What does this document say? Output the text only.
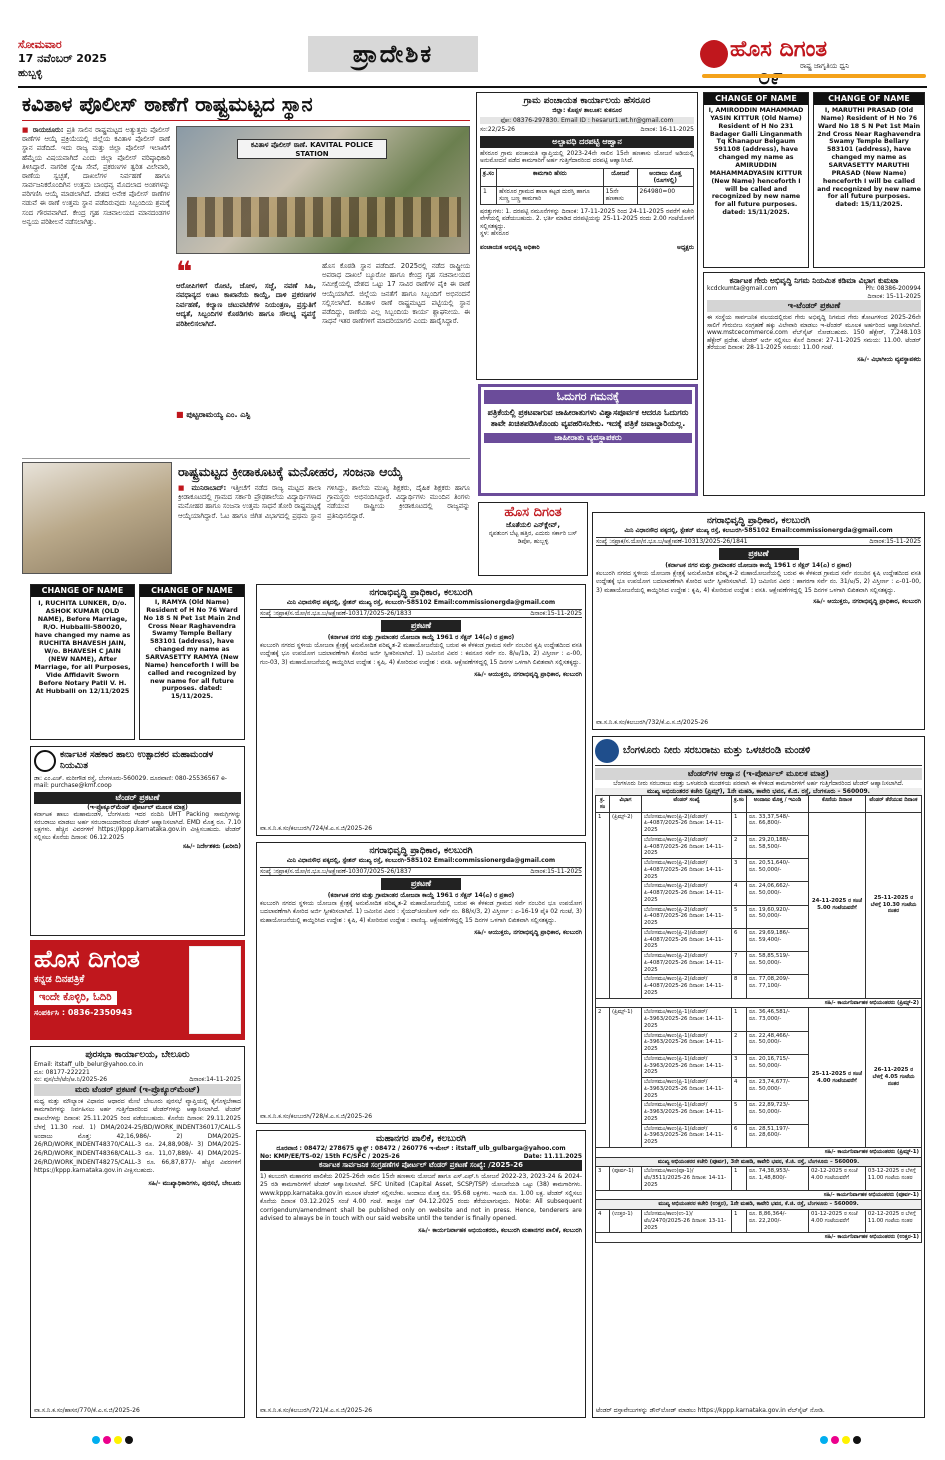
ಸೋಮವಾರ
17 ನವೆಂಬರ್ 2025
ಹುಬ್ಬಳ್ಳಿ
ಪ್ರಾದೇಶಿಕ	ಹೊಸ ದಿಗಂತ
ರಾಷ್ಟ್ರ ಜಾಗೃತಿಯ ಧ್ವನಿ
ಕವಿತಾಳ ಪೊಲೀಸ್ ಠಾಣೆಗೆ ರಾಷ್ಟ್ರಮಟ್ಟದ ಸ್ಥಾನ
■ ರಾಯಚೂರು: ಪ್ರತಿ ಸಾಲಿನ ರಾಷ್ಟ್ರಮಟ್ಟದ ಅತ್ಯುತ್ತಮ ಪೊಲೀಸ್ ಠಾಣೆಗಳ ಆಯ್ಕೆ ಪ್ರಕ್ರಿಯೆಯಲ್ಲಿ ಜಿಲ್ಲೆಯ ಕವಿತಾಳ ಪೊಲೀಸ್ ಠಾಣೆ ಸ್ಥಾನ ಪಡೆದಿದೆ. ಇದು ರಾಜ್ಯ ಮತ್ತು ಜಿಲ್ಲಾ ಪೊಲೀಸ್ ಇಲಾಖೆಗೆ ಹೆಮ್ಮೆಯ ವಿಷಯವಾಗಿದೆ ಎಂದು ಜಿಲ್ಲಾ ಪೊಲೀಸ್ ವರಿಷ್ಠಾಧಿಕಾರಿ ತಿಳಿಸಿದ್ದಾರೆ. ನಾಗರಿಕ ಸ್ನೇಹಿ ಸೇವೆ, ಪ್ರಕರಣಗಳ ತ್ವರಿತ ವಿಲೇವಾರಿ, ಠಾಣೆಯ ಸ್ವಚ್ಛತೆ, ದಾಖಲೆಗಳ ನಿರ್ವಹಣೆ ಹಾಗೂ ಸಾರ್ವಜನಿಕರೊಂದಿಗಿನ ಉತ್ತಮ ಬಾಂಧವ್ಯ ಮೊದಲಾದ ಅಂಶಗಳನ್ನು ಪರಿಗಣಿಸಿ ಆಯ್ಕೆ ಮಾಡಲಾಗಿದೆ. ದೇಶದ ಅನೇಕ ಪೊಲೀಸ್ ಠಾಣೆಗಳ ನಡುವೆ ಈ ಠಾಣೆ ಉತ್ತಮ ಸ್ಥಾನ ಪಡೆದಿರುವುದು ಸಿಬ್ಬಂದಿಯ ಶ್ರಮಕ್ಕೆ ಸಂದ ಗೌರವವಾಗಿದೆ. ಕೇಂದ್ರ ಗೃಹ ಸಚಿವಾಲಯದ ಮಾನದಂಡಗಳ ಅನ್ವಯ ಪರಿಶೀಲನೆ ನಡೆಸಲಾಗಿತ್ತು.
ಕವಿತಾಳ ಪೊಲೀಸ್ ಠಾಣೆ. KAVITAL POLICE STATION
❝
ಆರೋಪಿಗಳಿಗೆ ರೋಟಿ, ಜೋಳ, ಸಜ್ಜೆ, ನವಣೆ ಸಿಹಿ, ನವಧಾನ್ಯದ ಊಟ ಕಾಖಾನೆಯ ಕಾಯ್ದೆ, ದಾಳಿ ಪ್ರಕರಣಗಳ ನಿರ್ವಹಣೆ, ಕಲ್ಯಾಣ ಚಟುವಟಿಕೆಗಳ ನಿಯಂತ್ರಣ, ಪ್ರಸ್ತುತಿಗೆ ಆದ್ಯತೆ, ಸಿಬ್ಬಂದಿಗಳ ಕೊಠಡಿಗಳು ಹಾಗೂ ಸೌಲಭ್ಯ ವ್ಯವಸ್ಥೆ ಪರಿಶೀಲಿಸಲಾಗಿದೆ.
■ ಪುಟ್ಟರಾಮಯ್ಯ ಎಂ. ಎಸ್ಪಿ
ಹೊಸ ಕೊಠಡಿ ಸ್ಥಾನ ಪಡೆದಿದೆ. 2025ರಲ್ಲಿ ನಡೆದ ರಾಷ್ಟ್ರೀಯ ಅಪರಾಧ ದಾಖಲೆ ಬ್ಯೂರೋ ಹಾಗೂ ಕೇಂದ್ರ ಗೃಹ ಸಚಿವಾಲಯದ ಸಮೀಕ್ಷೆಯಲ್ಲಿ ದೇಶದ ಒಟ್ಟು 17 ಸಾವಿರ ಠಾಣೆಗಳ ಪೈಕಿ ಈ ಠಾಣೆ ಆಯ್ಕೆಯಾಗಿದೆ. ಜಿಲ್ಲೆಯ ಜನತೆಗೆ ಹಾಗೂ ಸಿಬ್ಬಂದಿಗೆ ಅಭಿನಂದನೆ ಸಲ್ಲಿಸಲಾಗಿದೆ. ಕವಿತಾಳ ಠಾಣೆ ರಾಷ್ಟ್ರಮಟ್ಟದ ಪಟ್ಟಿಯಲ್ಲಿ ಸ್ಥಾನ ಪಡೆದಿದ್ದು, ಠಾಣೆಯ ಎಲ್ಲ ಸಿಬ್ಬಂದಿಯ ಕಾರ್ಯ ಶ್ಲಾಘನೀಯ. ಈ ಸಾಧನೆ ಇತರ ಠಾಣೆಗಳಿಗೆ ಮಾದರಿಯಾಗಲಿ ಎಂದು ಹಾರೈಸಿದ್ದಾರೆ.
ರಾಷ್ಟ್ರಮಟ್ಟದ ಕ್ರೀಡಾಕೂಟಕ್ಕೆ ಮನೋಹರ, ಸಂಜನಾ ಆಯ್ಕೆ
■ ಮುನಿರಾಬಾದ್: ಇತ್ತೀಚೆಗೆ ನಡೆದ ರಾಜ್ಯ ಮಟ್ಟದ ಶಾಲಾ ಕ್ರೀಡಾಕೂಟದಲ್ಲಿ ಗ್ರಾಮದ ಸರ್ಕಾರಿ ಪ್ರೌಢಶಾಲೆಯ ವಿದ್ಯಾರ್ಥಿಗಳಾದ ಮನೋಹರ ಹಾಗೂ ಸಂಜನಾ ಉತ್ತಮ ಸಾಧನೆ ತೋರಿ ರಾಷ್ಟ್ರಮಟ್ಟಕ್ಕೆ ಆಯ್ಕೆಯಾಗಿದ್ದಾರೆ. ಓಟ ಹಾಗೂ ಜಿಗಿತ ವಿಭಾಗದಲ್ಲಿ ಪ್ರಥಮ ಸ್ಥಾನ ಗಳಿಸಿದ್ದು, ಶಾಲೆಯ ಮುಖ್ಯ ಶಿಕ್ಷಕರು, ದೈಹಿಕ ಶಿಕ್ಷಕರು ಹಾಗೂ ಗ್ರಾಮಸ್ಥರು ಅಭಿನಂದಿಸಿದ್ದಾರೆ. ವಿದ್ಯಾರ್ಥಿಗಳು ಮುಂದಿನ ತಿಂಗಳು ನಡೆಯುವ ರಾಷ್ಟ್ರೀಯ ಕ್ರೀಡಾಕೂಟದಲ್ಲಿ ರಾಜ್ಯವನ್ನು ಪ್ರತಿನಿಧಿಸಲಿದ್ದಾರೆ.
ಗ್ರಾಮ ಪಂಚಾಯತ ಕಾರ್ಯಾಲಯ ಹೆಸರೂರ
ಜಿಲ್ಲಾ: ಕೊಪ್ಪಳ ತಾಲೂಕ: ಕುಕನೂರ
ಫೋ: 08376-297830. Email ID : hesarur1.wt.hr@gmail.com
ಸಂ:22/25-26	ದಿನಾಂಕ: 16-11-2025
ಅಲ್ಪಾವಧಿ ದರಪಟ್ಟಿ ಆಹ್ವಾನ
ಹೆಸರೂರ ಗ್ರಾಮ ಪಂಚಾಯತಿ ವ್ಯಾಪ್ತಿಯಲ್ಲಿ 2023-24ನೇ ಸಾಲಿನ 15ನೇ ಹಣಕಾಸು ಯೋಜನೆ ಅಡಿಯಲ್ಲಿ ಅನುಮೋದನೆ ಪಡೆದ ಕಾಮಗಾರಿಗೆ ಅರ್ಹ ಗುತ್ತಿಗೆದಾರರಿಂದ ದರಪಟ್ಟಿ ಆಹ್ವಾನಿಸಿದೆ.
ಕ್ರ.ಸಂ	ಕಾಮಗಾರಿ ಹೆಸರು	ಯೋಜನೆ	ಅಂದಾಜು ಮೊತ್ತ (ರೂಗಳಲ್ಲಿ)
1	ಹೆಸರೂರ ಗ್ರಾಮದ ಶಾಲಾ ಕಟ್ಟಡ ದುರಸ್ತಿ ಹಾಗೂ ಸುಣ್ಣ ಬಣ್ಣ ಕಾಮಗಾರಿ	15ನೇ ಹಣಕಾಸು	264980=00
ಷರತ್ತುಗಳು: 1. ದರಪಟ್ಟಿ ನಮೂನೆಗಳನ್ನು ದಿನಾಂಕ: 17-11-2025 ರಿಂದ 24-11-2025 ರವರೆಗೆ ಕಚೇರಿ ವೇಳೆಯಲ್ಲಿ ಪಡೆಯಬಹುದು. 2. ಭರ್ತಿ ಮಾಡಿದ ದರಪಟ್ಟಿಯನ್ನು 25-11-2025 ರಂದು 2.00 ಗಂಟೆಯೊಳಗೆ ಸಲ್ಲಿಸತಕ್ಕದ್ದು.
ಸ್ಥಳ: ಹೆಸರೂರ
ಪಂಚಾಯತ ಅಭಿವೃದ್ಧಿ ಅಧಿಕಾರಿ	ಅಧ್ಯಕ್ಷರು
CHANGE OF NAME
I, AMIRODDIN MAHAMMAD YASIN KITTUR (Old Name) Resident of H No 231 Badager Galli Linganmath Tq Khanapur Belgaum 591108 (address), have changed my name as AMIRUDDIN MAHAMMADYASIN KITTUR (New Name) henceforth I will be called and recognized by new name for all future purposes. dated: 15/11/2025.
CHANGE OF NAME
I, MARUTHI PRASAD (Old Name) Resident of H No 76 Ward No 18 S N Pet 1st Main 2nd Cross Near Raghavendra Swamy Temple Bellary 583101 (address), have changed my name as SARVASETTY MARUTHI PRASAD (New Name) henceforth I will be called and recognized by new name for all future purposes. dated: 15/11/2025.
ಕರ್ನಾಟಕ ಗೇರು ಅಭಿವೃದ್ಧಿ ನಿಗಮ ನಿಯಮಿತ ಕಡಿಮಾ ವಿಭಾಗ ಕುಮಟಾ
kcdckumta@gmail.com	Ph: 08386-200994
ದಿನಾಂಕ: 15-11-2025
ಇ-ಟೆಂಡರ್ ಪ್ರಕಟಣೆ
ಈ ಸಂಸ್ಥೆಯ ಸಾರ್ವಜನಿಕ ವಲಯದಲ್ಲಿರುವ ಗೇರು ಅಭಿವೃದ್ಧಿ ನಿಗಮದ ಗೇರು ತೋಟಗಳಿಂದ 2025-26ನೇ ಸಾಲಿಗೆ ಗೇರುಬೀಜ ಸಂಗ್ರಹಣೆ ಹಕ್ಕು ವಿಲೇವಾರಿ ಮಾಡಲು ಇ-ಟೆಂಡರ್ ಮೂಲಕ ಅರ್ಹರಿಂದ ಆಹ್ವಾನಿಸಲಾಗಿದೆ. www.mstcecommerce.com ವೆಬ್‌ಸೈಟ್ ನೋಡಬಹುದು. 150 ಹೆಕ್ಟೇರ್, 7,248.103 ಹೆಕ್ಟೇರ್ ಪ್ರದೇಶ. ಟೆಂಡರ್ ಅರ್ಜಿ ಸಲ್ಲಿಸಲು ಕೊನೆ ದಿನಾಂಕ: 27-11-2025 ಸಮಯ: 11.00. ಟೆಂಡರ್ ತೆರೆಯುವ ದಿನಾಂಕ: 28-11-2025 ಸಮಯ: 11.00 ಗಂಟೆ.
ಸಹಿ/- ವಿಭಾಗೀಯ ವ್ಯವಸ್ಥಾಪಕರು
ಓದುಗರ ಗಮನಕ್ಕೆ
ಪತ್ರಿಕೆಯಲ್ಲಿ ಪ್ರಕಟವಾಗುವ ಜಾಹೀರಾತುಗಳು ವಿಶ್ವಾಸಪೂರ್ವಕ ಆದರೂ ಓದುಗರು ತಾವೇ ಖಚಿತಪಡಿಸಿಕೊಂಡು ವ್ಯವಹರಿಸಬೇಕು. ಇದಕ್ಕೆ ಪತ್ರಿಕೆ ಜವಾಬ್ದಾರಿಯಲ್ಲ.
ಜಾಹೀರಾತು ವ್ಯವಸ್ಥಾಪಕರು
ಹೊಸ ದಿಗಂತ
ಜೊತೆಯಲಿ ಎನ್‌ಕ್ಲೇವ್,
ನೃಪತುಂಗ ಬೆಟ್ಟ ಹತ್ತಿರ, ಎದುರು ಸರ್ಕಾರಿ ಬಸ್ ಡಿಪೋ, ಹುಬ್ಬಳ್ಳಿ
CHANGE OF NAME
I, RUCHITA LUNKER, D/o. ASHOK KUMAR (OLD NAME), Before Marriage, R/O. Hubballi-580020, have changed my name as RUCHITA BHAVESH JAIN, W/o. BHAVESH C JAIN (NEW NAME), After Marriage, for all Purposes, Vide Affidavit Sworn Before Notary Patil V. H. At Hubballi on 12/11/2025
CHANGE OF NAME
I, RAMYA (Old Name) Resident of H No 76 Ward No 18 S N Pet 1st Main 2nd Cross Near Raghavendra Swamy Temple Bellary 583101 (address), have changed my name as SARVASETTY RAMYA (New Name) henceforth I will be called and recognized by new name for all future purposes. dated: 15/11/2025.
ಕರ್ನಾಟಕ ಸಹಕಾರ ಹಾಲು ಉತ್ಪಾದಕರ ಮಹಾಮಂಡಳ ನಿಯಮಿತ
ಡಾ: ಎಂ.ಎಚ್. ಮರೀಗೌಡ ರಸ್ತೆ, ಬೆಂಗಳೂರು-560029. ದೂರವಾಣಿ: 080-25536567 e-mail: purchase@kmf.coop
ಟೆಂಡರ್ ಪ್ರಕಟಣೆ
(ಇ-ಪ್ರೊಕ್ಯೂರ್‌ಮೆಂಟ್ ಪೋರ್ಟಲ್ ಮೂಲಕ ಮಾತ್ರ)
ಕರ್ನಾಟಕ ಹಾಲು ಮಹಾಮಂಡಳ, ಬೆಂಗಳೂರು ಇದರ ನಂದಿನಿ UHT Packing ಸಾಮಗ್ರಿಗಳನ್ನು ಸರಬರಾಜು ಮಾಡಲು ಅರ್ಹ ಸರಬರಾಜುದಾರರಿಂದ ಟೆಂಡರ್ ಆಹ್ವಾನಿಸಲಾಗಿದೆ. EMD ಮೊತ್ತ ರೂ. 7.10 ಲಕ್ಷಗಳು. ಹೆಚ್ಚಿನ ವಿವರಗಳಿಗೆ https://kppp.karnataka.gov.in ವೀಕ್ಷಿಸಬಹುದು. ಟೆಂಡರ್ ಸಲ್ಲಿಸಲು ಕೊನೆಯ ದಿನಾಂಕ: 06.12.2025
ಸಹಿ/- ನಿರ್ದೇಶಕರು (ಖರೀದಿ)
ಹೊಸ ದಿಗಂತ
ಕನ್ನಡ ದಿನಪತ್ರಿಕೆ
ಇಂದೇ ಕೊಳ್ಳಿರಿ, ಓದಿರಿ
ಸಂಪರ್ಕಿಸಿ : 0836-2350943
ಪುರಸಭಾ ಕಾರ್ಯಾಲಯ, ಬೇಲೂರು
Email: itstaff_ulb_belur@yahoo.co.in
ದೂ: 08177-222221
ಸಂ: ಪುಸ/ಬೇ/ಟೆಂ/ಆ.ನಿ/2025-26	ದಿನಾಂಕ:14-11-2025
ಮರು ಟೆಂಡರ್ ಪ್ರಕಟಣೆ (ಇ-ಪ್ರೊಕ್ಯೂರ್‌ಮೆಂಟ್)
ಮಧ್ಯ ಮತ್ತು ಮೌಲ್ಯಾಂಕ ವಿಧಾನದ ಆಧಾರದ ಮೇಲೆ ಬೇಲೂರು ಪುರಸಭೆ ವ್ಯಾಪ್ತಿಯಲ್ಲಿ ಕೈಗೊಳ್ಳಬೇಕಾದ ಕಾಮಗಾರಿಗಳನ್ನು ನಿರ್ವಹಿಸಲು ಅರ್ಹ ಗುತ್ತಿಗೆದಾರರಿಂದ ಟೆಂಡರ್‌ಗಳನ್ನು ಆಹ್ವಾನಿಸಲಾಗಿದೆ. ಟೆಂಡರ್ ದಾಖಲೆಗಳನ್ನು ದಿನಾಂಕ: 25.11.2025 ರಿಂದ ಪಡೆಯಬಹುದು. ಕೊನೆಯ ದಿನಾಂಕ: 29.11.2025 ಬೆಳಗ್ಗೆ 11.30 ಗಂಟೆ. 1) DMA/2024-25/BD/WORK_INDENT36017/CALL-5 ಅಂದಾಜು ಮೊತ್ತ: 42,16,986/- 2) DMA/2025-26/RD/WORK_INDENT48370/CALL-3 ರೂ. 24,88,908/- 3) DMA/2025-26/RD/WORK_INDENT48368/CALL-3 ರೂ. 11,07,889/- 4) DMA/2025-26/RD/WORK_INDENT48275/CALL-3 ರೂ. 66,87,877/- ಹೆಚ್ಚಿನ ವಿವರಗಳಿಗೆ https://kppp.karnataka.gov.in ವೀಕ್ಷಿಸಬಹುದು.
ಸಹಿ/- ಮುಖ್ಯಾಧಿಕಾರಿಗಳು, ಪುರಸಭೆ, ಬೇಲೂರು
ವಾ.ಸ.ನಿ.ಕ.ಸಂ/ಹಾಸನ/770/ಕೆ.ಎ.ಸ.ಜಿ/2025-26
ನಗರಾಭಿವೃದ್ಧಿ ಪ್ರಾಧಿಕಾರ, ಕಲಬುರಗಿ
ಮಿನಿ ವಿಧಾನಸೌಧ ಪಕ್ಕದಲ್ಲಿ, ಸ್ಟೇಶನ್ ಮುಖ್ಯ ರಸ್ತೆ, ಕಲಬುರಗಿ-585102 Email:commissionergda@gmail.com
ಸಂಖ್ಯೆ :ನಪ್ರಾಕ/ಸ.ಯೋ/ನ.ಭೂ.ಬ/ಅಕ್ಷೇಪಣೆ-10317/2025-26/1833	ದಿನಾಂಕ:15-11-2025
ಪ್ರಕಟಣೆ
(ಕರ್ನಾಟಕ ನಗರ ಮತ್ತು ಗ್ರಾಮಾಂತರ ಯೋಜನಾ ಕಾಯ್ದೆ 1961 ರ ಸೆಕ್ಷನ್ 14(ಎ) ರ ಪ್ರಕಾರ)
ಕಲಬುರಗಿ ನಗರದ ಸ್ಥಳೀಯ ಯೋಜನಾ ಕ್ಷೇತ್ರಕ್ಕೆ ಅನುಮೋದಿತ ಪರಿಷ್ಕೃತ-2 ಮಹಾಯೋಜನೆಯಲ್ಲಿ ಬರುವ ಈ ಕೆಳಕಂಡ ಗ್ರಾಮದ ಸರ್ವೆ ನಂಬರಿನ ಕೃಷಿ ಉದ್ದೇಶದಿಂದ ವಸತಿ ಉದ್ದೇಶಕ್ಕೆ ಭೂ ಉಪಯೋಗ ಬದಲಾವಣೆಗಾಗಿ ಕೋರಿದ ಅರ್ಜಿ ಸ್ವೀಕರಿಸಲಾಗಿದೆ. 1) ಜಮೀನಿನ ವಿವರ : ಕಪನೂರ ಸರ್ವೆ ನಂ. 8/ಅ/1ಡಿ, 2) ವಿಸ್ತೀರ್ಣ : ಎ-00, ಗುಂ-03, 3) ಮಹಾಯೋಜನೆಯಲ್ಲಿ ಕಾಯ್ದಿರಿಸಿದ ಉದ್ದೇಶ : ಕೃಷಿ, 4) ಕೋರಿರುವ ಉದ್ದೇಶ : ವಸತಿ. ಆಕ್ಷೇಪಣೆಗಳಿದ್ದಲ್ಲಿ 15 ದಿನಗಳ ಒಳಗಾಗಿ ಲಿಖಿತವಾಗಿ ಸಲ್ಲಿಸತಕ್ಕದ್ದು.
ಸಹಿ/- ಆಯುಕ್ತರು, ನಗರಾಭಿವೃದ್ಧಿ ಪ್ರಾಧಿಕಾರ, ಕಲಬುರಗಿ
ವಾ.ಸ.ನಿ.ಕ.ಸಂ/ಕಲಬುರಗಿ/724/ಕೆ.ಎ.ಸ.ಜಿ/2025-26
ನಗರಾಭಿವೃದ್ಧಿ ಪ್ರಾಧಿಕಾರ, ಕಲಬುರಗಿ
ಮಿನಿ ವಿಧಾನಸೌಧ ಪಕ್ಕದಲ್ಲಿ, ಸ್ಟೇಶನ್ ಮುಖ್ಯ ರಸ್ತೆ, ಕಲಬುರಗಿ-585102 Email:commissionergda@gmail.com
ಸಂಖ್ಯೆ :ನಪ್ರಾಕ/ಸ.ಯೋ/ನ.ಭೂ.ಬ/ಅಕ್ಷೇಪಣೆ-10307/2025-26/1837	ದಿನಾಂಕ:15-11-2025
ಪ್ರಕಟಣೆ
(ಕರ್ನಾಟಕ ನಗರ ಮತ್ತು ಗ್ರಾಮಾಂತರ ಯೋಜನಾ ಕಾಯ್ದೆ 1961 ರ ಸೆಕ್ಷನ್ 14(ಎ) ರ ಪ್ರಕಾರ)
ಕಲಬುರಗಿ ನಗರದ ಸ್ಥಳೀಯ ಯೋಜನಾ ಕ್ಷೇತ್ರಕ್ಕೆ ಅನುಮೋದಿತ ಪರಿಷ್ಕೃತ-2 ಮಹಾಯೋಜನೆಯಲ್ಲಿ ಬರುವ ಈ ಕೆಳಕಂಡ ಗ್ರಾಮದ ಸರ್ವೆ ನಂಬರಿನ ಭೂ ಉಪಯೋಗ ಬದಲಾವಣೆಗಾಗಿ ಕೋರಿದ ಅರ್ಜಿ ಸ್ವೀಕರಿಸಲಾಗಿದೆ. 1) ಜಮೀನಿನ ವಿವರ : ಸೈಯದ್‌ಚಿಂಚೋಳಿ ಸರ್ವೆ ನಂ. 88/ಸ/3, 2) ವಿಸ್ತೀರ್ಣ : ಎ-16-19 ಪೈಕಿ 02 ಗುಂಟೆ, 3) ಮಹಾಯೋಜನೆಯಲ್ಲಿ ಕಾಯ್ದಿರಿಸಿದ ಉದ್ದೇಶ : ಕೃಷಿ, 4) ಕೋರಿರುವ ಉದ್ದೇಶ : ವಾಣಿಜ್ಯ. ಆಕ್ಷೇಪಣೆಗಳಿದ್ದಲ್ಲಿ 15 ದಿನಗಳ ಒಳಗಾಗಿ ಲಿಖಿತವಾಗಿ ಸಲ್ಲಿಸತಕ್ಕದ್ದು.
ಸಹಿ/- ಆಯುಕ್ತರು, ನಗರಾಭಿವೃದ್ಧಿ ಪ್ರಾಧಿಕಾರ, ಕಲಬುರಗಿ
ವಾ.ಸ.ನಿ.ಕ.ಸಂ/ಕಲಬುರಗಿ/728/ಕೆ.ಎ.ಸ.ಜಿ/2025-26
ಮಹಾನಗರ ಪಾಲಿಕೆ, ಕಲಬುರಗಿ
ದೂರವಾಣಿ : 08472/ 278675 ಫ್ಯಾಕ್ಸ್ : 08472 / 260776 ಇ-ಮೇಲ್ : itstaff_ulb_gulbarga@yahoo.com
No: KMP/EE/TS-02/ 15th FC/SFC / 2025-26	Date: 11.11.2025
ಕರ್ನಾಟಕ ಸಾರ್ವಜನಿಕ ಸಂಗ್ರಹಣೆಗಳ ಪೋರ್ಟಲ್ ಟೆಂಡರ್ ಪ್ರಕಟಣೆ ಸಂಖ್ಯೆ: /2025-26
1) ಕಲಬುರಗಿ ಮಹಾನಗರ ಪಾಲಿಕೆಯ 2025-26ನೇ ಸಾಲಿನ 15ನೇ ಹಣಕಾಸು ಯೋಜನೆ ಹಾಗೂ ಎಸ್.ಎಫ್.ಸಿ ಯೋಜನೆ 2022-23, 2023-24 & 2024-25 ರಡಿ ಕಾಮಗಾರಿಗಳಿಗೆ ಟೆಂಡರ್ ಆಹ್ವಾನಿಸಲಾಗಿದೆ. SFC United (Capital Asset, SCSP/TSP) ಯೋಜನೆಯಡಿ ಒಟ್ಟು (38) ಕಾಮಗಾರಿಗಳು. www.kppp.karnataka.gov.in ಮೂಲಕ ಟೆಂಡರ್ ಸಲ್ಲಿಸಬೇಕು. ಅಂದಾಜು ಮೊತ್ತ ರೂ. 95.68 ಲಕ್ಷಗಳು. ಇಎಂಡಿ ರೂ. 1.00 ಲಕ್ಷ. ಟೆಂಡರ್ ಸಲ್ಲಿಸಲು ಕೊನೆಯ ದಿನಾಂಕ 03.12.2025 ಸಂಜೆ 4.00 ಗಂಟೆ. ತಾಂತ್ರಿಕ ಬಿಡ್ 04.12.2025 ರಂದು ತೆರೆಯಲಾಗುವುದು. Note: All subsequent corrigendum/amendment shall be published only on website and not in press. Hence, tenderers are advised to always be in touch with our said website until the tender is finally opened.
ಸಹಿ/- ಕಾರ್ಯನಿರ್ವಾಹಕ ಅಭಿಯಂತರರು, ಕಲಬುರಗಿ ಮಹಾನಗರ ಪಾಲಿಕೆ, ಕಲಬುರಗಿ
ವಾ.ಸ.ನಿ.ಕ.ಸಂ/ಕಲಬುರಗಿ/721/ಕೆ.ಎ.ಸ.ಜಿ/2025-26
ನಗರಾಭಿವೃದ್ಧಿ ಪ್ರಾಧಿಕಾರ, ಕಲಬುರಗಿ
ಮಿನಿ ವಿಧಾನಸೌಧ ಪಕ್ಕದಲ್ಲಿ, ಸ್ಟೇಶನ್ ಮುಖ್ಯ ರಸ್ತೆ, ಕಲಬುರಗಿ-585102 Email:commissionergda@gmail.com
ಸಂಖ್ಯೆ :ನಪ್ರಾಕ/ಸ.ಯೋ/ನ.ಭೂ.ಬ/ಅಕ್ಷೇಪಣೆ-10313/2025-26/1841	ದಿನಾಂಕ:15-11-2025
ಪ್ರಕಟಣೆ
(ಕರ್ನಾಟಕ ನಗರ ಮತ್ತು ಗ್ರಾಮಾಂತರ ಯೋಜನಾ ಕಾಯ್ದೆ 1961 ರ ಸೆಕ್ಷನ್ 14(ಎ) ರ ಪ್ರಕಾರ)
ಕಲಬುರಗಿ ನಗರದ ಸ್ಥಳೀಯ ಯೋಜನಾ ಕ್ಷೇತ್ರಕ್ಕೆ ಅನುಮೋದಿತ ಪರಿಷ್ಕೃತ-2 ಮಹಾಯೋಜನೆಯಲ್ಲಿ ಬರುವ ಈ ಕೆಳಕಂಡ ಗ್ರಾಮದ ಸರ್ವೆ ನಂಬರಿನ ಕೃಷಿ ಉದ್ದೇಶದಿಂದ ವಸತಿ ಉದ್ದೇಶಕ್ಕೆ ಭೂ ಉಪಯೋಗ ಬದಲಾವಣೆಗಾಗಿ ಕೋರಿದ ಅರ್ಜಿ ಸ್ವೀಕರಿಸಲಾಗಿದೆ. 1) ಜಮೀನಿನ ವಿವರ : ಹಾಗರಗಾ ಸರ್ವೆ ನಂ. 31/ಅ/5, 2) ವಿಸ್ತೀರ್ಣ : ಎ-01-00, 3) ಮಹಾಯೋಜನೆಯಲ್ಲಿ ಕಾಯ್ದಿರಿಸಿದ ಉದ್ದೇಶ : ಕೃಷಿ, 4) ಕೋರಿರುವ ಉದ್ದೇಶ : ವಸತಿ. ಆಕ್ಷೇಪಣೆಗಳಿದ್ದಲ್ಲಿ 15 ದಿನಗಳ ಒಳಗಾಗಿ ಲಿಖಿತವಾಗಿ ಸಲ್ಲಿಸತಕ್ಕದ್ದು.
ಸಹಿ/- ಆಯುಕ್ತರು, ನಗರಾಭಿವೃದ್ಧಿ ಪ್ರಾಧಿಕಾರ, ಕಲಬುರಗಿ
ವಾ.ಸ.ನಿ.ಕ.ಸಂ/ಕಲಬುರಗಿ/732/ಕೆ.ಎ.ಸ.ಜಿ/2025-26
ಬೆಂಗಳೂರು ನೀರು ಸರಬರಾಜು ಮತ್ತು ಒಳಚರಂಡಿ ಮಂಡಳಿ
ಟೆಂಡರ್‌ಗಳ ಆಹ್ವಾನ (ಇ-ಪೋರ್ಟಲ್ ಮೂಲಕ ಮಾತ್ರ)
ಬೆಂಗಳೂರು ನೀರು ಸರಬರಾಜು ಮತ್ತು ಒಳಚರಂಡಿ ಮಂಡಳಿಯ ಪರವಾಗಿ ಈ ಕೆಳಕಂಡ ಕಾಮಗಾರಿಗಳಿಗೆ ಅರ್ಹ ಗುತ್ತಿಗೆದಾರರಿಂದ ಟೆಂಡರ್ ಆಹ್ವಾನಿಸಲಾಗಿದೆ.
ಮುಖ್ಯ ಅಭಿಯಂತರರ ಕಚೇರಿ (ಪ್ರಿಮ್ಸ್), 1ನೇ ಮಹಡಿ, ಕಾವೇರಿ ಭವನ, ಕೆ.ಜಿ. ರಸ್ತೆ, ಬೆಂಗಳೂರು – 560009.
ಕ್ರ. ಸಂ	ವಿಭಾಗ	ಟೆಂಡರ್ ಸಂಖ್ಯೆ	ಕ್ರ.ಸಂ	ಅಂದಾಜು ಮೊತ್ತ / ಇಎಂಡಿ	ಕೊನೆಯ ದಿನಾಂಕ	ಟೆಂಡರ್ ತೆರೆಯುವ ದಿನಾಂಕ
1	(ಪ್ರಿಮ್ಸ್-2)	ಬೆಂನೀಸಮಂ/ಕಾಉ(ಪ್ರಿ-2)/ಟೆಂಡರ್/ಪಿ-4087/2025-26 ದಿನಾಂಕ: 14-11-2025	1	ರೂ. 33,37,548/-
ರೂ. 66,800/-	24-11-2025 ರ ಸಂಜೆ 5.00 ಗಂಟೆಯವರೆಗೆ	25-11-2025 ರ ಬೆಳಗ್ಗೆ 10.30 ಗಂಟೆಯ ನಂತರ
		ಬೆಂನೀಸಮಂ/ಕಾಉ(ಪ್ರಿ-2)/ಟೆಂಡರ್/ಪಿ-4087/2025-26 ದಿನಾಂಕ: 14-11-2025	2	ರೂ. 29,20,188/-
ರೂ. 58,500/-		
		ಬೆಂನೀಸಮಂ/ಕಾಉ(ಪ್ರಿ-2)/ಟೆಂಡರ್/ಪಿ-4087/2025-26 ದಿನಾಂಕ: 14-11-2025	3	ರೂ. 20,51,640/-
ರೂ. 50,000/-		
		ಬೆಂನೀಸಮಂ/ಕಾಉ(ಪ್ರಿ-2)/ಟೆಂಡರ್/ಪಿ-4087/2025-26 ದಿನಾಂಕ: 14-11-2025	4	ರೂ. 24,06,662/-
ರೂ. 50,000/-		
		ಬೆಂನೀಸಮಂ/ಕಾಉ(ಪ್ರಿ-2)/ಟೆಂಡರ್/ಪಿ-4087/2025-26 ದಿನಾಂಕ: 14-11-2025	5	ರೂ. 19,60,920/-
ರೂ. 50,000/-		
		ಬೆಂನೀಸಮಂ/ಕಾಉ(ಪ್ರಿ-2)/ಟೆಂಡರ್/ಪಿ-4087/2025-26 ದಿನಾಂಕ: 14-11-2025	6	ರೂ. 29,69,186/-
ರೂ. 59,400/-		
		ಬೆಂನೀಸಮಂ/ಕಾಉ(ಪ್ರಿ-2)/ಟೆಂಡರ್/ಪಿ-4087/2025-26 ದಿನಾಂಕ: 14-11-2025	7	ರೂ. 58,85,519/-
ರೂ. 50,000/-		
		ಬೆಂನೀಸಮಂ/ಕಾಉ(ಪ್ರಿ-2)/ಟೆಂಡರ್/ಪಿ-4087/2025-26 ದಿನಾಂಕ: 14-11-2025	8	ರೂ. 77,08,209/-
ರೂ. 77,100/-		
ಸಹಿ/- ಕಾರ್ಯನಿರ್ವಾಹಕ ಅಭಿಯಂತರರು (ಪ್ರಿಮ್ಸ್-2)						
2	(ಪ್ರಿಮ್ಸ್-1)	ಬೆಂನೀಸಮಂ/ಕಾಉ(ಪ್ರಿ-1)/ಟೆಂಡರ್/ಪಿ-3963/2025-26 ದಿನಾಂಕ: 14-11-2025	1	ರೂ. 36,46,581/-
ರೂ. 73,000/-	25-11-2025 ರ ಸಂಜೆ 4.00 ಗಂಟೆಯವರೆಗೆ	26-11-2025 ರ ಬೆಳಗ್ಗೆ 4.05 ಗಂಟೆಯ ನಂತರ
		ಬೆಂನೀಸಮಂ/ಕಾಉ(ಪ್ರಿ-1)/ಟೆಂಡರ್/ಪಿ-3963/2025-26 ದಿನಾಂಕ: 14-11-2025	2	ರೂ. 22,48,466/-
ರೂ. 50,000/-		
		ಬೆಂನೀಸಮಂ/ಕಾಉ(ಪ್ರಿ-1)/ಟೆಂಡರ್/ಪಿ-3963/2025-26 ದಿನಾಂಕ: 14-11-2025	3	ರೂ. 20,16,715/-
ರೂ. 50,000/-		
		ಬೆಂನೀಸಮಂ/ಕಾಉ(ಪ್ರಿ-1)/ಟೆಂಡರ್/ಪಿ-3963/2025-26 ದಿನಾಂಕ: 14-11-2025	4	ರೂ. 23,74,677/-
ರೂ. 50,000/-		
		ಬೆಂನೀಸಮಂ/ಕಾಉ(ಪ್ರಿ-1)/ಟೆಂಡರ್/ಪಿ-3963/2025-26 ದಿನಾಂಕ: 14-11-2025	5	ರೂ. 22,89,723/-
ರೂ. 50,000/-		
		ಬೆಂನೀಸಮಂ/ಕಾಉ(ಪ್ರಿ-1)/ಟೆಂಡರ್/ಪಿ-3963/2025-26 ದಿನಾಂಕ: 14-11-2025	6	ರೂ. 28,51,197/-
ರೂ. 28,600/-		
ಸಹಿ/- ಕಾರ್ಯನಿರ್ವಾಹಕ ಅಭಿಯಂತರರು (ಪ್ರಿಮ್ಸ್-1)						
ಮುಖ್ಯ ಅಭಿಯಂತರರ ಕಚೇರಿ (ಪೂರ್ವ), 3ನೇ ಮಹಡಿ, ಕಾವೇರಿ ಭವನ, ಕೆ.ಜಿ. ರಸ್ತೆ, ಬೆಂಗಳೂರು – 560009.						
3	(ಪೂರ್ವ-1)	ಬೆಂನೀಸಮಂ/ಕಾಉ(ಪೂ-1)/ಟೆಂ/3511/2025-26 ದಿನಾಂಕ: 14-11-2025	1	ರೂ. 74,38,953/-
ರೂ. 1,48,800/-	02-12-2025 ರ ಸಂಜೆ 4.00 ಗಂಟೆಯವರೆಗೆ	03-12-2025 ರ ಬೆಳಗ್ಗೆ 11.00 ಗಂಟೆಯ ನಂತರ
ಸಹಿ/- ಕಾರ್ಯನಿರ್ವಾಹಕ ಅಭಿಯಂತರರು (ಪೂರ್ವ-1)						
ಮುಖ್ಯ ಅಭಿಯಂತರರ ಕಚೇರಿ (ಉತ್ತರ), 1ನೇ ಮಹಡಿ, ಕಾವೇರಿ ಭವನ, ಕೆ.ಜಿ. ರಸ್ತೆ, ಬೆಂಗಳೂರು – 560009.						
4	(ಉತ್ತರ-1)	ಬೆಂನೀಸಮಂ/ಕಾಉ(ಉ-1)/ಟೆಂ/2470/2025-26 ದಿನಾಂಕ: 13-11-2025	1	ರೂ. 8,86,364/-
ರೂ. 22,200/-	01-12-2025 ರ ಸಂಜೆ 4.00 ಗಂಟೆಯವರೆಗೆ	02-12-2025 ರ ಬೆಳಗ್ಗೆ 11.00 ಗಂಟೆಯ ನಂತರ
ಸಹಿ/- ಕಾರ್ಯನಿರ್ವಾಹಕ ಅಭಿಯಂತರರು (ಉತ್ತರ-1)						
ಟೆಂಡರ್ ದಸ್ತಾವೇಜುಗಳನ್ನು ಡೌನ್‌ಲೋಡ್ ಮಾಡಲು https://kppp.karnataka.gov.in ವೆಬ್‌ಸೈಟ್ ನೋಡಿ.
